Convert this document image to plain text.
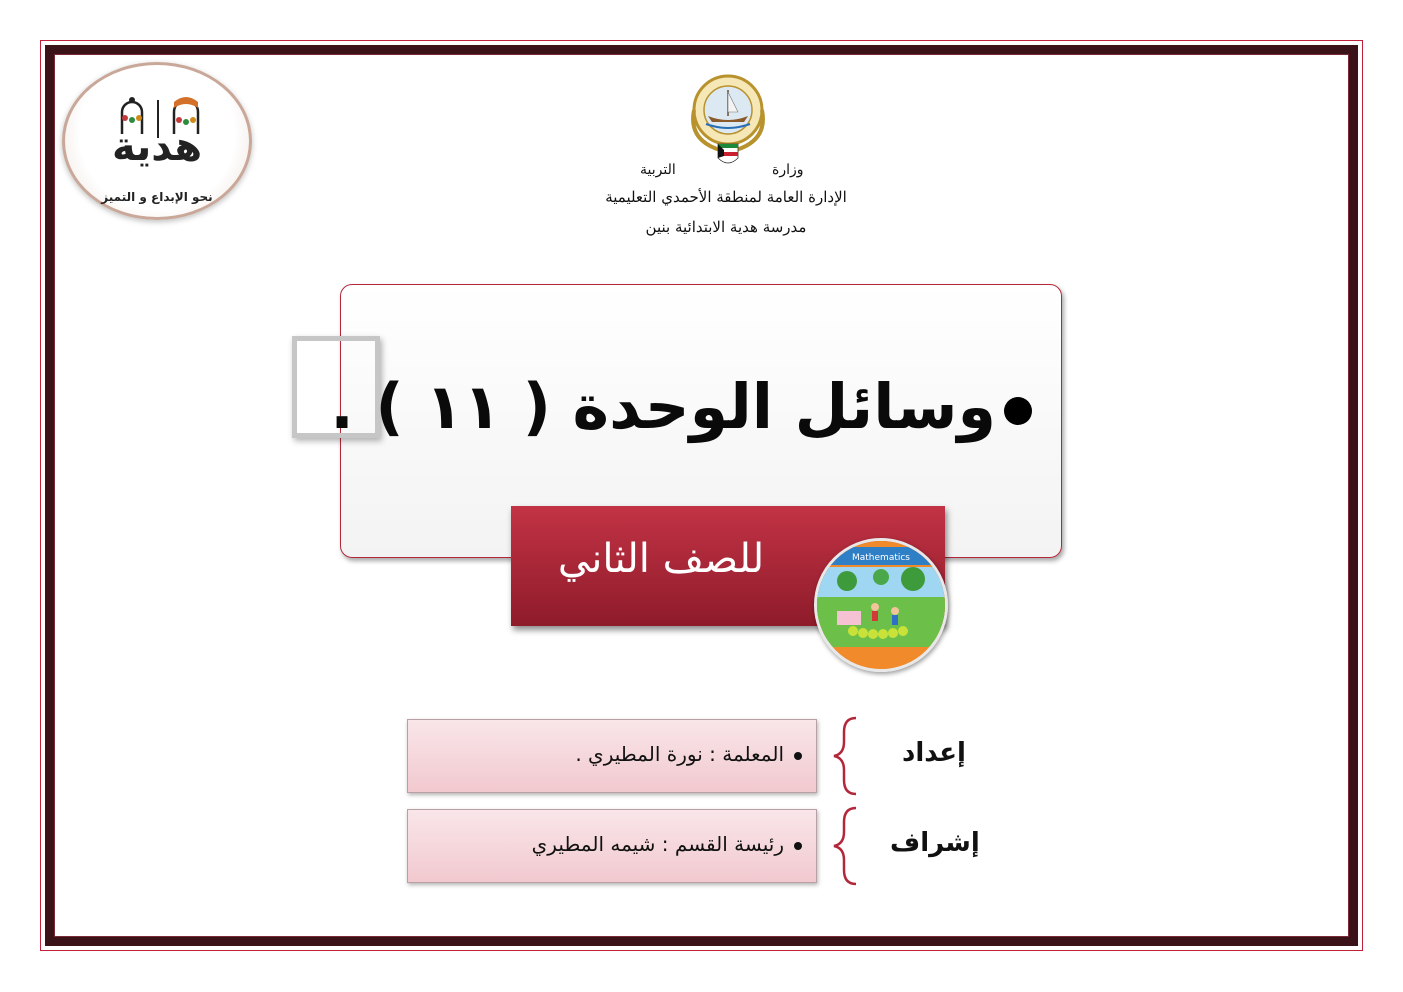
هدية
نحو الإبداع و التميز
وزارة
التربية
الإدارة العامة لمنطقة الأحمدي التعليمية
مدرسة هدية الابتدائية بنين
وسائل الوحدة ( ١١ ) .
للصف الثاني	Mathematics
المعلمة : نورة المطيري .	إعداد
رئيسة القسم : شيمه المطيري	إشراف
